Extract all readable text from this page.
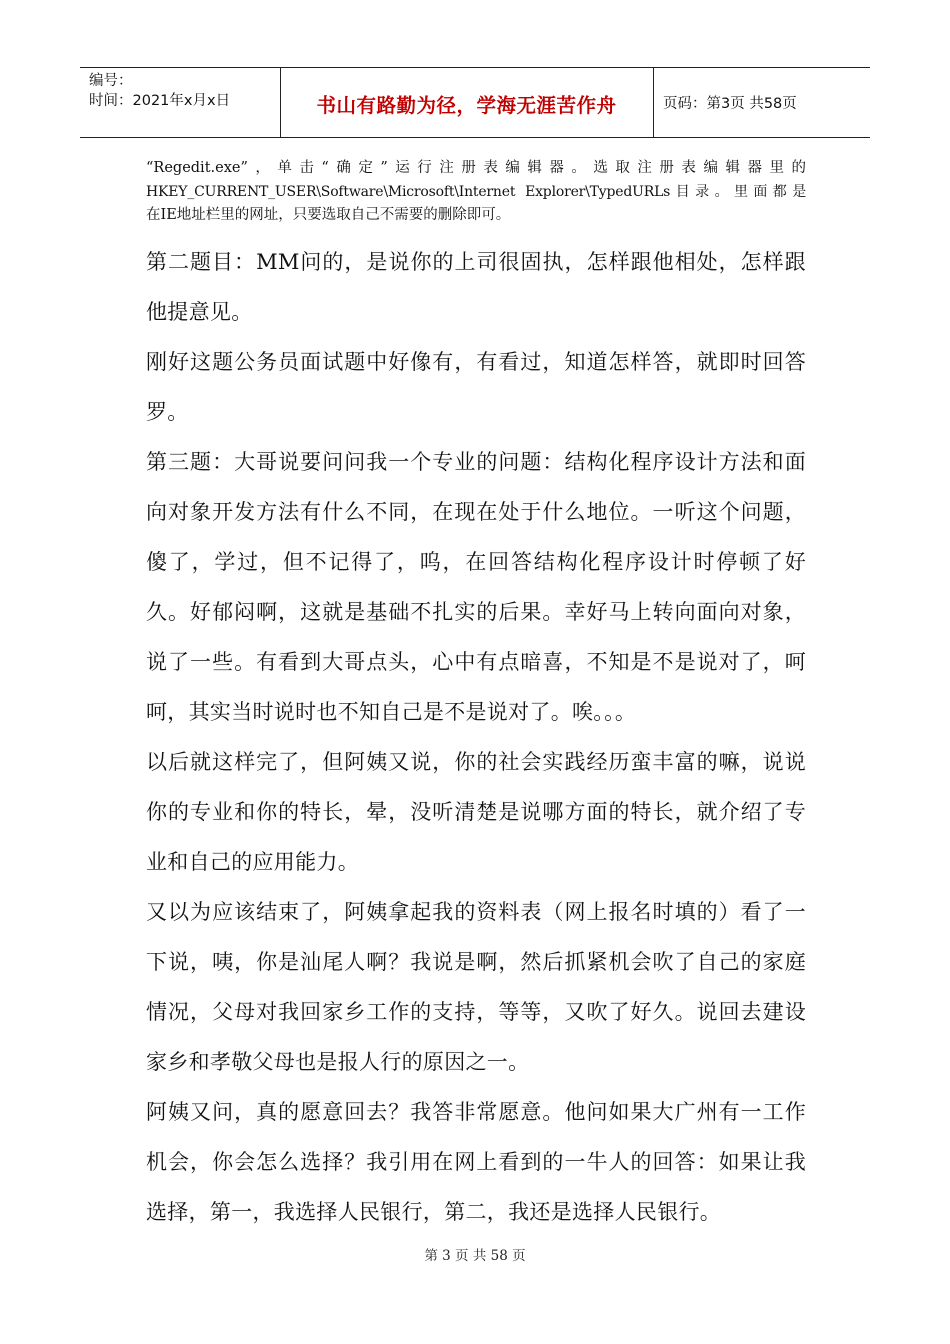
编号：
时间：2021年x月x日	书山有路勤为径，学海无涯苦作舟	页码：第3页 共58页
“Regedit.exe”，单击“确定”运行注册表编辑器。选取注册表编辑器里的
HKEY_CURRENT_USER\Software\Microsoft\Internet Explorer\TypedURLs目录。里面都是
在IE地址栏里的网址，只要选取自己不需要的删除即可。

第二题目：MM问的，是说你的上司很固执，怎样跟他相处，怎样跟他提意见。

刚好这题公务员面试题中好像有，有看过，知道怎样答，就即时回答罗。

第三题：大哥说要问问我一个专业的问题：结构化程序设计方法和面向对象开发方法有什么不同，在现在处于什么地位。一听这个问题，傻了，学过，但不记得了，呜，在回答结构化程序设计时停顿了好久。好郁闷啊，这就是基础不扎实的后果。幸好马上转向面向对象，说了一些。有看到大哥点头，心中有点暗喜，不知是不是说对了，呵呵，其实当时说时也不知自己是不是说对了。唉。。。

以后就这样完了，但阿姨又说，你的社会实践经历蛮丰富的嘛，说说你的专业和你的特长，晕，没听清楚是说哪方面的特长，就介绍了专业和自己的应用能力。

又以为应该结束了，阿姨拿起我的资料表（网上报名时填的）看了一下说，咦，你是汕尾人啊？我说是啊，然后抓紧机会吹了自己的家庭情况，父母对我回家乡工作的支持，等等，又吹了好久。说回去建设家乡和孝敬父母也是报人行的原因之一。

阿姨又问，真的愿意回去？我答非常愿意。他问如果大广州有一工作机会，你会怎么选择？我引用在网上看到的一牛人的回答：如果让我选择，第一，我选择人民银行，第二，我还是选择人民银行。

第 3 页 共 58 页
